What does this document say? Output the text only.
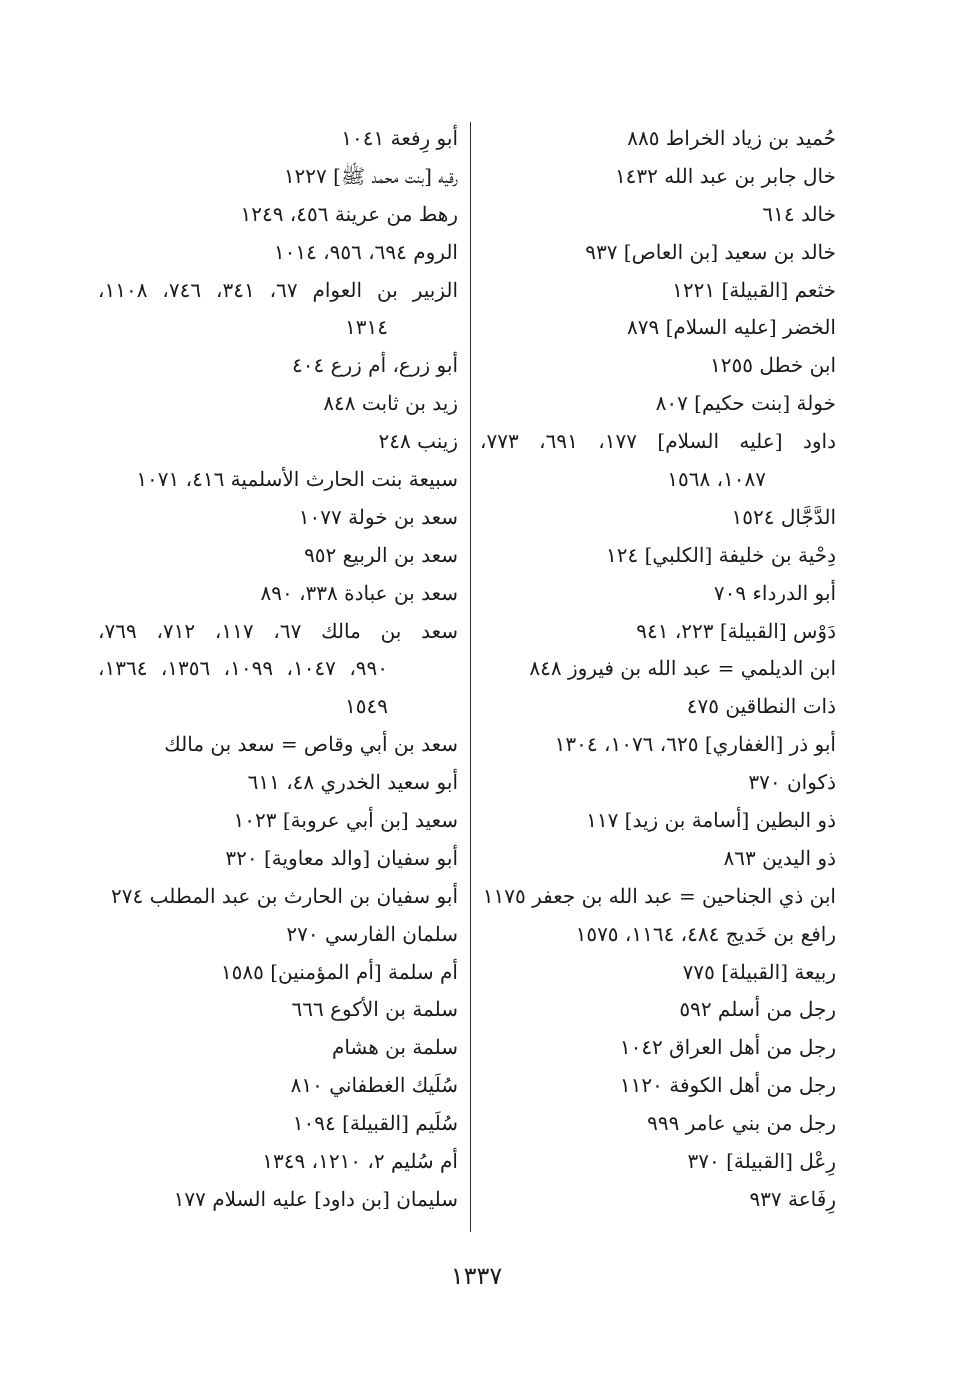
حُميد بن زياد الخراط ٨٨٥
خال جابر بن عبد الله ١٤٣٢
خالد ٦١٤
خالد بن سعيد [بن العاص] ٩٣٧
خثعم [القبيلة] ١٢٢١
الخضر [عليه السلام] ٨٧٩
ابن خطل ١٢٥٥
خولة [بنت حكيم] ٨٠٧
داود [عليه السلام] ١٧٧، ٦٩١، ٧٧٣،
١٠٨٧، ١٥٦٨
الدَّجَّال ١٥٢٤
دِحْية بن خليفة [الكلبي] ١٢٤
أبو الدرداء ٧٠٩
دَوْس [القبيلة] ٢٢٣، ٩٤١
ابن الديلمي = عبد الله بن فيروز ٨٤٨
ذات النطاقين ٤٧٥
أبو ذر [الغفاري] ٦٢٥، ١٠٧٦، ١٣٠٤
ذكوان ٣٧٠
ذو البطين [أسامة بن زيد] ١١٧
ذو اليدين ٨٦٣
ابن ذي الجناحين = عبد الله بن جعفر ١١٧٥
رافع بن خَديج ٤٨٤، ١١٦٤، ١٥٧٥
ربيعة [القبيلة] ٧٧٥
رجل من أسلم ٥٩٢
رجل من أهل العراق ١٠٤٢
رجل من أهل الكوفة ١١٢٠
رجل من بني عامر ٩٩٩
رِعْل [القبيلة] ٣٧٠
رِفَاعة ٩٣٧
أبو رِفعة ١٠٤١
رقيه [بنت محمد ﷺ] ١٢٢٧
رهط من عرينة ٤٥٦، ١٢٤٩
الروم ٦٩٤، ٩٥٦، ١٠١٤
الزبير بن العوام ٦٧، ٣٤١، ٧٤٦، ١١٠٨،
١٣١٤
أبو زرع، أم زرع ٤٠٤
زيد بن ثابت ٨٤٨
زينب ٢٤٨
سبيعة بنت الحارث الأسلمية ٤١٦، ١٠٧١
سعد بن خولة ١٠٧٧
سعد بن الربيع ٩٥٢
سعد بن عبادة ٣٣٨، ٨٩٠
سعد بن مالك ٦٧، ١١٧، ٧١٢، ٧٦٩،
٩٩٠، ١٠٤٧، ١٠٩٩، ١٣٥٦، ١٣٦٤،
١٥٤٩
سعد بن أبي وقاص = سعد بن مالك
أبو سعيد الخدري ٤٨، ٦١١
سعيد [بن أبي عروبة] ١٠٢٣
أبو سفيان [والد معاوية] ٣٢٠
أبو سفيان بن الحارث بن عبد المطلب ٢٧٤
سلمان الفارسي ٢٧٠
أم سلمة [أم المؤمنين] ١٥٨٥
سلمة بن الأكوع ٦٦٦
سلمة بن هشام
سُلَيك الغطفاني ٨١٠
سُلَيم [القبيلة] ١٠٩٤
أم سُليم ٢، ١٢١٠، ١٣٤٩
سليمان [بن داود] عليه السلام ١٧٧
١٣٣٧
